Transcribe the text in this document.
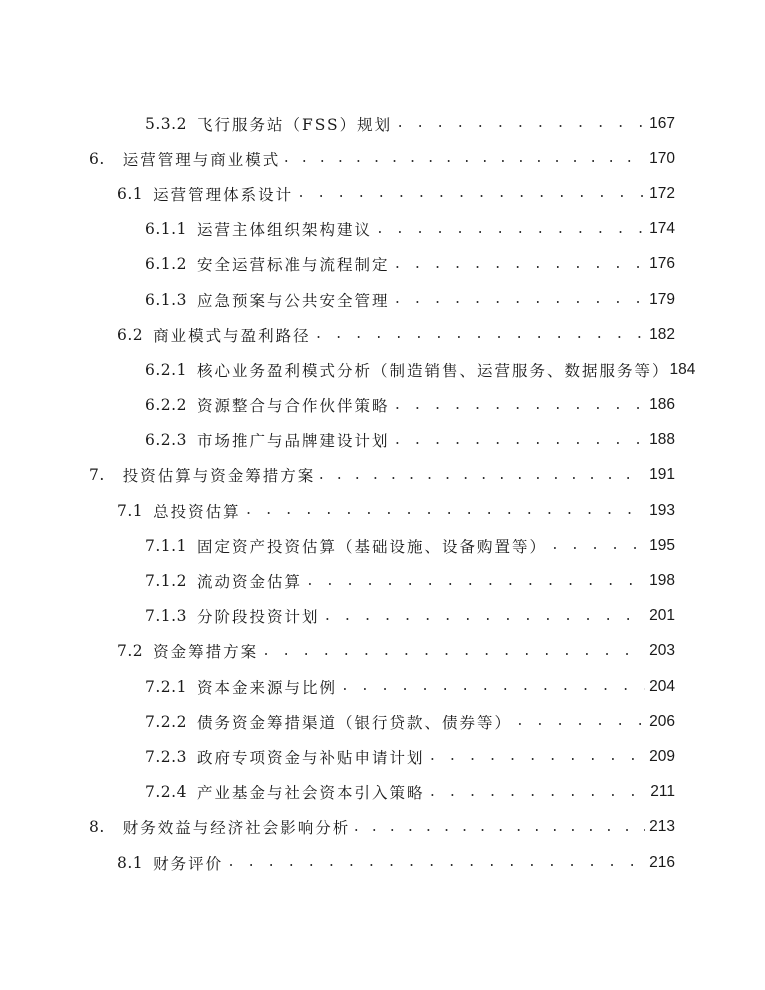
5.3.2 飞行服务站（FSS）规划 . . .	167
6. 运营管理与商业模式 . . .	170
6.1 运营管理体系设计 . . .	172
6.1.1 运营主体组织架构建议 . . .	174
6.1.2 安全运营标准与流程制定 . . .	176
6.1.3 应急预案与公共安全管理 . . .	179
6.2 商业模式与盈利路径 . . .	182
6.2.1 核心业务盈利模式分析（制造销售、运营服务、数据服务等） 184
6.2.2 资源整合与合作伙伴策略 . . .	186
6.2.3 市场推广与品牌建设计划 . . .	188
7. 投资估算与资金筹措方案 . . .	191
7.1 总投资估算 . . .	193
7.1.1 固定资产投资估算（基础设施、设备购置等） . . .	195
7.1.2 流动资金估算 . . .	198
7.1.3 分阶段投资计划 . . .	201
7.2 资金筹措方案 . . .	203
7.2.1 资本金来源与比例 . . .	204
7.2.2 债务资金筹措渠道（银行贷款、债券等） . . .	206
7.2.3 政府专项资金与补贴申请计划 . . .	209
7.2.4 产业基金与社会资本引入策略 . . .	211
8. 财务效益与经济社会影响分析 . . .	213
8.1 财务评价 . . .	216
